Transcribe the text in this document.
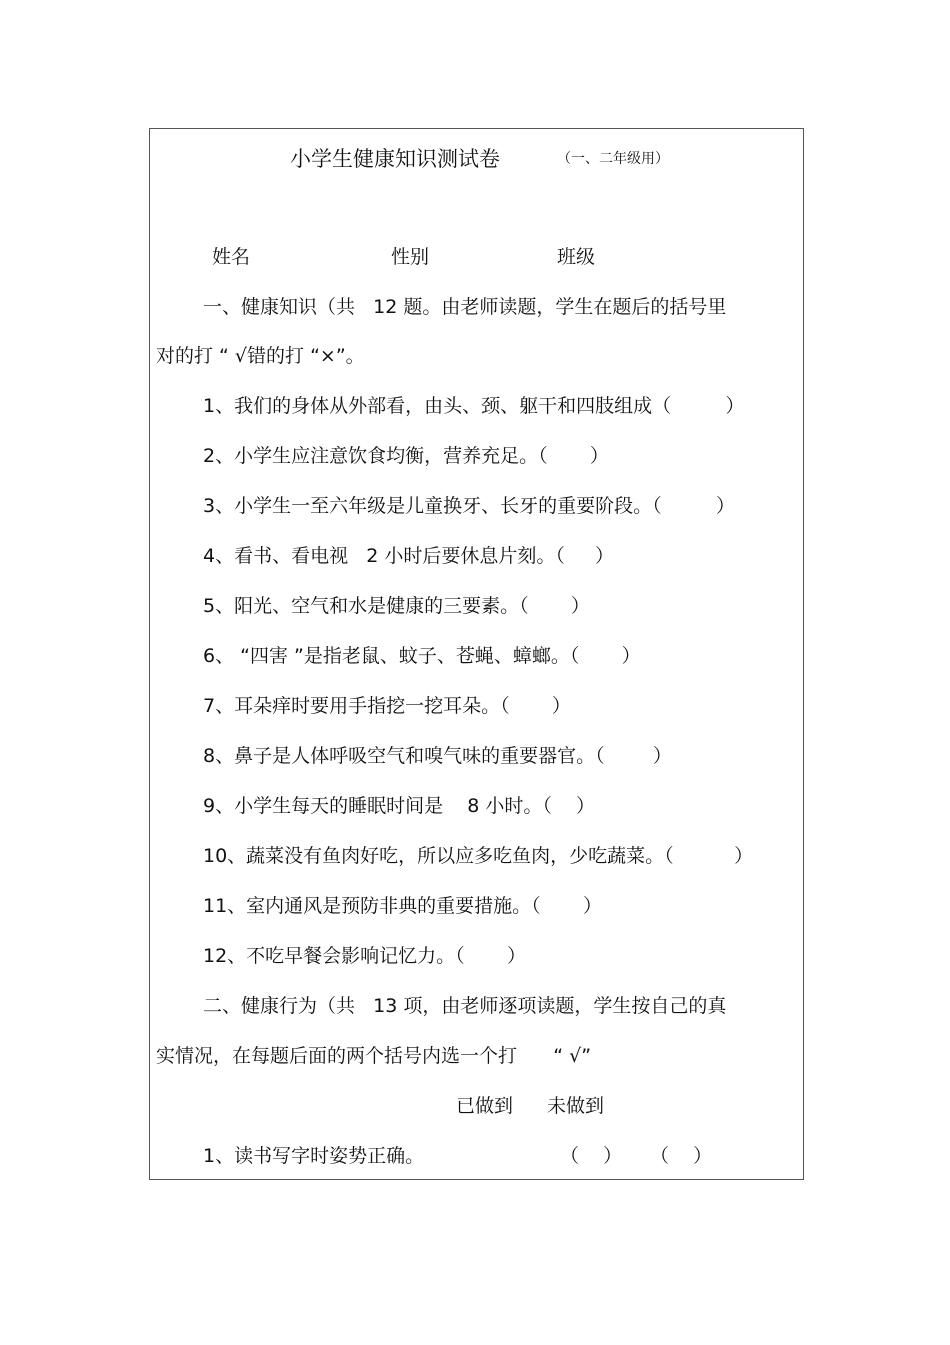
小学生健康知识测试卷	（一、二年级用）
姓名	性别	班级
一、健康知识（共   12 题。由老师读题，学生在题后的括号里
对的打 “ √错的打 “×”。
1、我们的身体从外部看，由头、颈、躯干和四肢组成（         ）
2、小学生应注意饮食均衡，营养充足。（       ）
3、小学生一至六年级是儿童换牙、长牙的重要阶段。（         ）
4、看书、看电视   2 小时后要休息片刻。（     ）
5、阳光、空气和水是健康的三要素。（       ）
6、 “四害 ”是指老鼠、蚊子、苍蝇、蟑螂。（       ）
7、耳朵痒时要用手指挖一挖耳朵。（       ）
8、鼻子是人体呼吸空气和嗅气味的重要器官。（        ）
9、小学生每天的睡眠时间是    8 小时。（    ）
10、蔬菜没有鱼肉好吃，所以应多吃鱼肉，少吃蔬菜。（          ）
11、室内通风是预防非典的重要措施。（       ）
12、不吃早餐会影响记忆力。（       ）
二、健康行为（共   13 项，由老师逐项读题，学生按自己的真
实情况，在每题后面的两个括号内选一个打      “ √”
已做到 未做到
1、读书写字时姿势正确。	（    ） （    ）
